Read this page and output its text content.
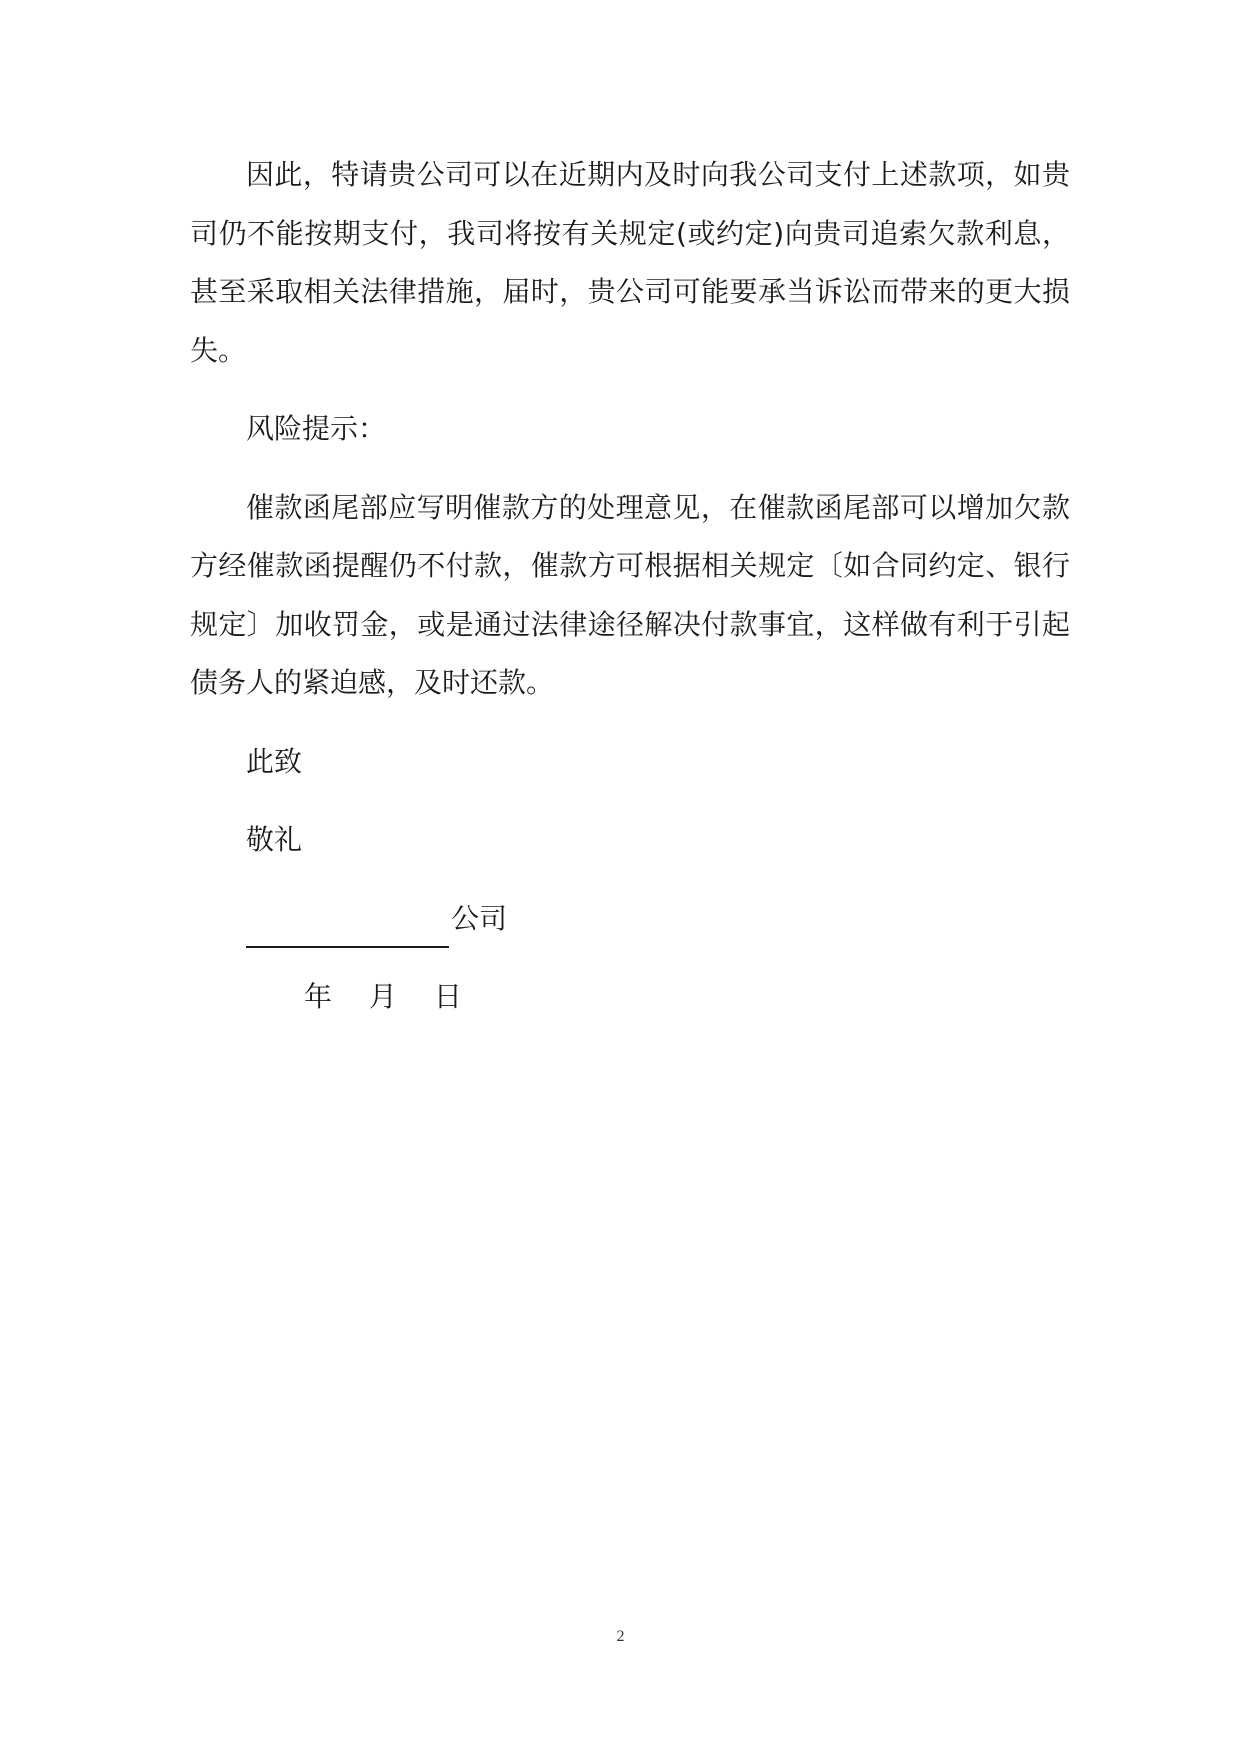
因此，特请贵公司可以在近期内及时向我公司支付上述款项，如贵司仍不能按期支付，我司将按有关规定(或约定)向贵司追索欠款利息，甚至采取相关法律措施，届时，贵公司可能要承当诉讼而带来的更大损失。

风险提示：

催款函尾部应写明催款方的处理意见，在催款函尾部可以增加欠款方经催款函提醒仍不付款，催款方可根据相关规定〔如合同约定、银行规定〕加收罚金，或是通过法律途径解决付款事宜，这样做有利于引起债务人的紧迫感，及时还款。

此致

敬礼

公司
年 月 日
2
